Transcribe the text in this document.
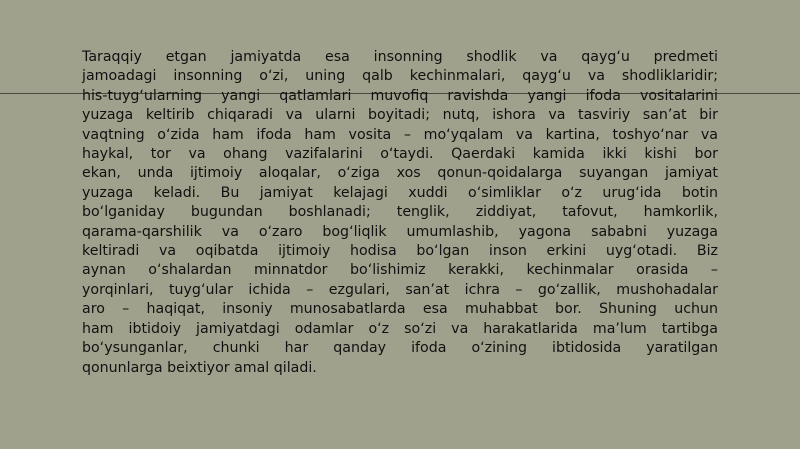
Taraqqiy etgan jamiyatda esa insonning shodlik va qayg‘u predmeti
jamoadagi insonning o‘zi, uning qalb kechinmalari, qayg‘u va shodliklaridir;
his-tuyg‘ularning yangi qatlamlari muvofiq ravishda yangi ifoda vositalarini
yuzaga keltirib chiqaradi va ularni boyitadi; nutq, ishora va tasviriy san’at bir
vaqtning o‘zida ham ifoda ham vosita – mo‘yqalam va kartina, toshyo‘nar va
haykal, tor va ohang vazifalarini o‘taydi. Qaerdaki kamida ikki kishi bor
ekan, unda ijtimoiy aloqalar, o‘ziga xos qonun-qoidalarga suyangan jamiyat
yuzaga keladi. Bu jamiyat kelajagi xuddi o‘simliklar o‘z urug‘ida botin
bo‘lganiday bugundan boshlanadi; tenglik, ziddiyat, tafovut, hamkorlik,
qarama-qarshilik va o‘zaro bog‘liqlik umumlashib, yagona sababni yuzaga
keltiradi va oqibatda ijtimoiy hodisa bo‘lgan inson erkini uyg‘otadi. Biz
aynan o‘shalardan minnatdor bo‘lishimiz kerakki, kechinmalar orasida –
yorqinlari, tuyg‘ular ichida – ezgulari, san’at ichra – go‘zallik, mushohadalar
aro – haqiqat, insoniy munosabatlarda esa muhabbat bor. Shuning uchun
ham ibtidoiy jamiyatdagi odamlar o‘z so‘zi va harakatlarida ma’lum tartibga
bo‘ysunganlar, chunki har qanday ifoda o‘zining ibtidosida yaratilgan
qonunlarga beixtiyor amal qiladi.
